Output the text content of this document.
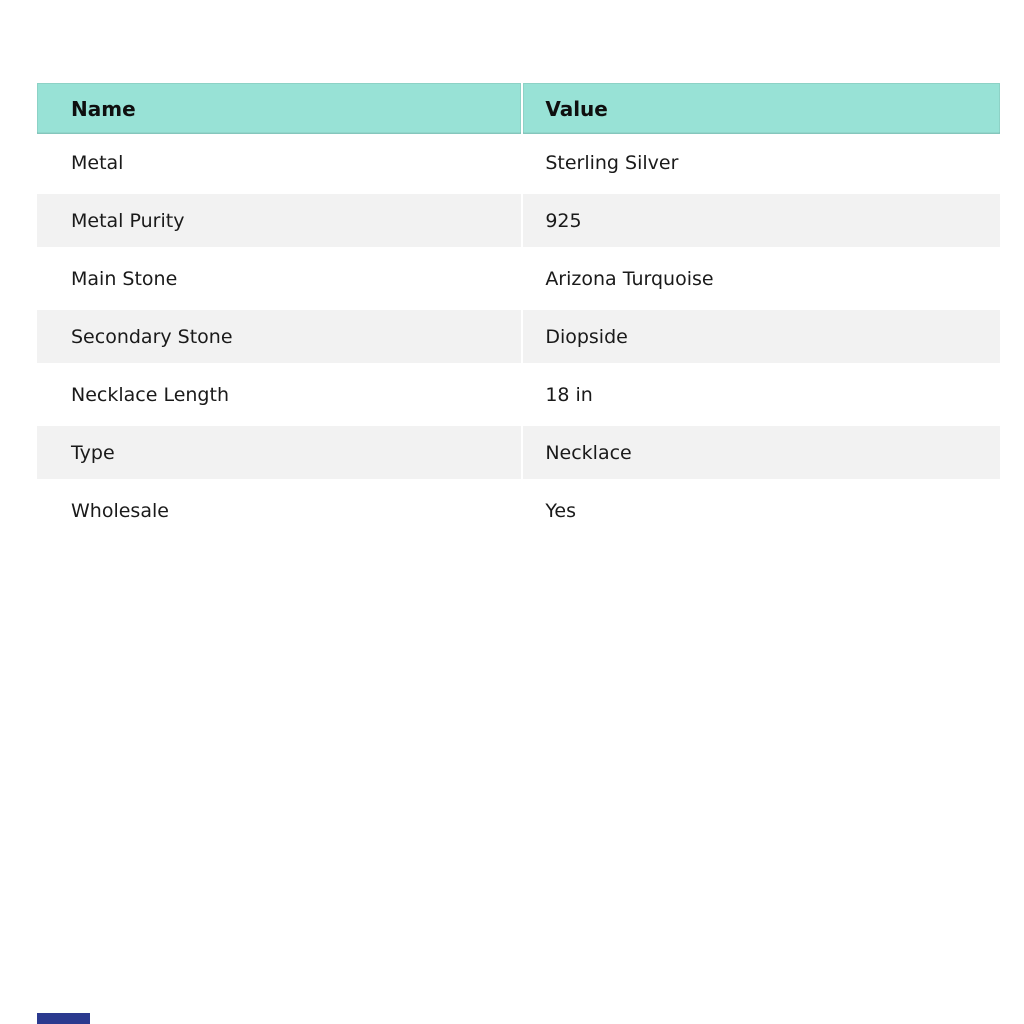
Name	Value
Metal	Sterling Silver
Metal Purity	925
Main Stone	Arizona Turquoise
Secondary Stone	Diopside
Necklace Length	18 in
Type	Necklace
Wholesale	Yes
